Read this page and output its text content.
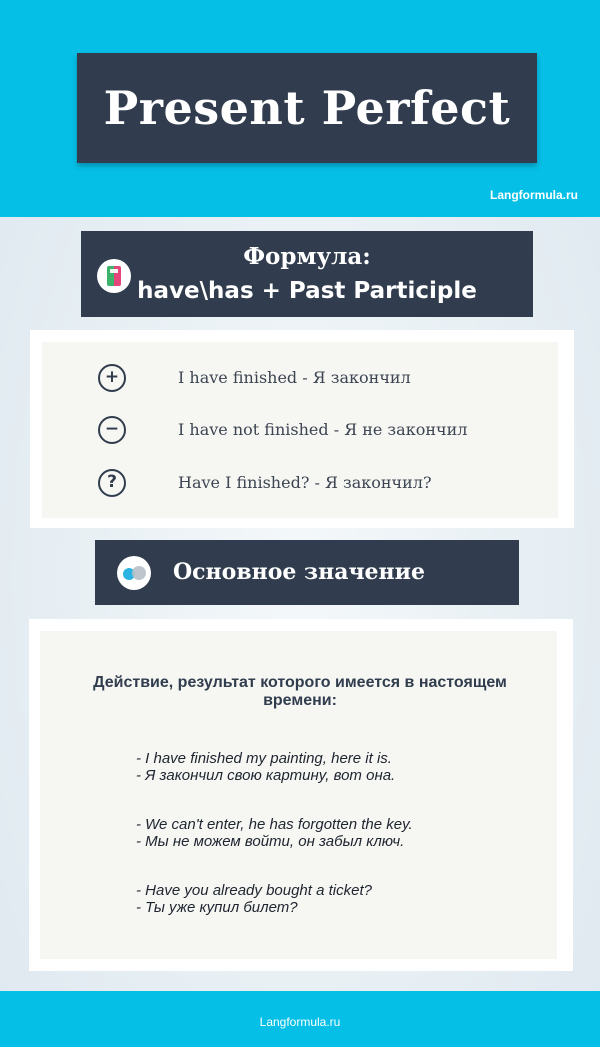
Present Perfect
Langformula.ru
Формула:
have\has + Past Participle
+	I have finished - Я закончил
−	I have not finished - Я не закончил
?	Have I finished? - Я закончил?
Основное значение
Действие, результат которого имеется в настоящем времени:
- I have finished my painting, here it is.
- Я закончил свою картину, вот она.
- We can't enter, he has forgotten the key.
- Мы не можем войти, он забыл ключ.
- Have you already bought a ticket?
- Ты уже купил билет?
Langformula.ru
